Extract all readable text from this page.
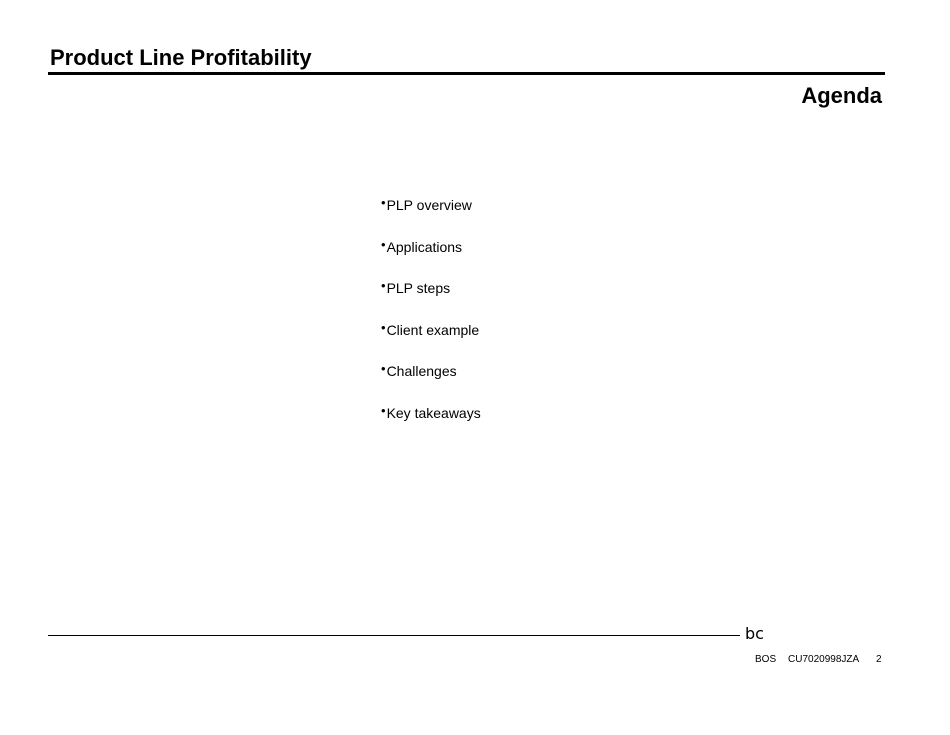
Product Line Profitability
Agenda
• PLP overview
• Applications
• PLP steps
• Client example
• Challenges
• Key takeaways
bc
BOS CU7020998JZA 2
